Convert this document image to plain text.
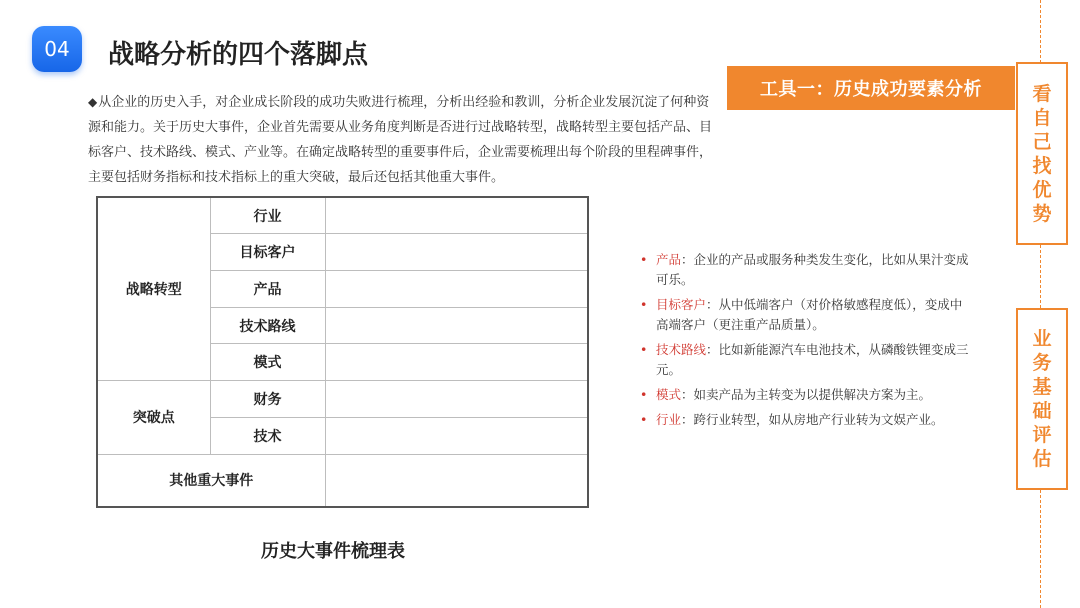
04 战略分析的四个落脚点
◆从企业的历史入手，对企业成长阶段的成功失败进行梳理，分析出经验和教训，分析企业发展沉淀了何种资源和能力。关于历史大事件，企业首先需要从业务角度判断是否进行过战略转型，战略转型主要包括产品、目标客户、技术路线、模式、产业等。在确定战略转型的重要事件后，企业需要梳理出每个阶段的里程碑事件，主要包括财务指标和技术指标上的重大突破，最后还包括其他重大事件。
工具一：历史成功要素分析	看
自
己
找
优
势
业
务
基
础
评
估
战略转型	行业	
	目标客户	
	产品	
	技术路线	
	模式	
突破点	财务	
	技术	
其他重大事件		
历史大事件梳理表
• 产品：企业的产品或服务种类发生变化，比如从果汁变成可乐。
• 目标客户：从中低端客户（对价格敏感程度低），变成中高端客户（更注重产品质量）。
• 技术路线：比如新能源汽车电池技术，从磷酸铁锂变成三元。
• 模式：如卖产品为主转变为以提供解决方案为主。
• 行业：跨行业转型，如从房地产行业转为文娱产业。
